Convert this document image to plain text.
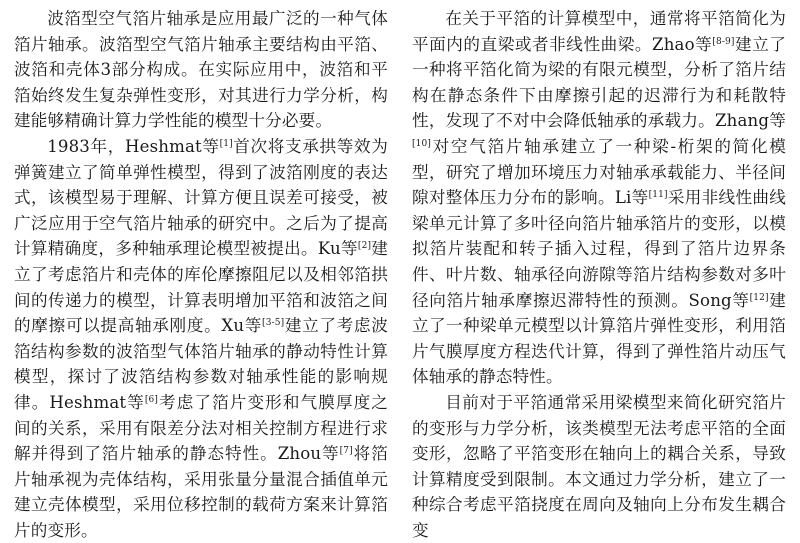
波箔型空气箔片轴承是应用最广泛的一种气体箔片轴承。波箔型空气箔片轴承主要结构由平箔、波箔和壳体3部分构成。在实际应用中，波箔和平箔始终发生复杂弹性变形，对其进行力学分析，构建能够精确计算力学性能的模型十分必要。

1983年，Heshmat等[1]首次将支承拱等效为弹簧建立了简单弹性模型，得到了波箔刚度的表达式，该模型易于理解、计算方便且误差可接受，被广泛应用于空气箔片轴承的研究中。之后为了提高计算精确度，多种轴承理论模型被提出。Ku等[2]建立了考虑箔片和壳体的库伦摩擦阻尼以及相邻箔拱间的传递力的模型，计算表明增加平箔和波箔之间的摩擦可以提高轴承刚度。Xu等[3-5]建立了考虑波箔结构参数的波箔型气体箔片轴承的静动特性计算模型，探讨了波箔结构参数对轴承性能的影响规律。Heshmat等[6]考虑了箔片变形和气膜厚度之间的关系，采用有限差分法对相关控制方程进行求解并得到了箔片轴承的静态特性。Zhou等[7]将箔片轴承视为壳体结构，采用张量分量混合插值单元建立壳体模型，采用位移控制的载荷方案来计算箔片的变形。

在关于平箔的计算模型中，通常将平箔简化为平面内的直梁或者非线性曲梁。Zhao等[8-9]建立了一种将平箔化简为梁的有限元模型，分析了箔片结构在静态条件下由摩擦引起的迟滞行为和耗散特性，发现了不对中会降低轴承的承载力。Zhang等[10]对空气箔片轴承建立了一种梁-桁架的简化模型，研究了增加环境压力对轴承承载能力、半径间隙对整体压力分布的影响。Li等[11]采用非线性曲线梁单元计算了多叶径向箔片轴承箔片的变形，以模拟箔片装配和转子插入过程，得到了箔片边界条件、叶片数、轴承径向游隙等箔片结构参数对多叶径向箔片轴承摩擦迟滞特性的预测。Song等[12]建立了一种梁单元模型以计算箔片弹性变形，利用箔片气膜厚度方程迭代计算，得到了弹性箔片动压气体轴承的静态特性。

目前对于平箔通常采用梁模型来简化研究箔片的变形与力学分析，该类模型无法考虑平箔的全面变形，忽略了平箔变形在轴向上的耦合关系，导致计算精度受到限制。本文通过力学分析，建立了一种综合考虑平箔挠度在周向及轴向上分布发生耦合变
